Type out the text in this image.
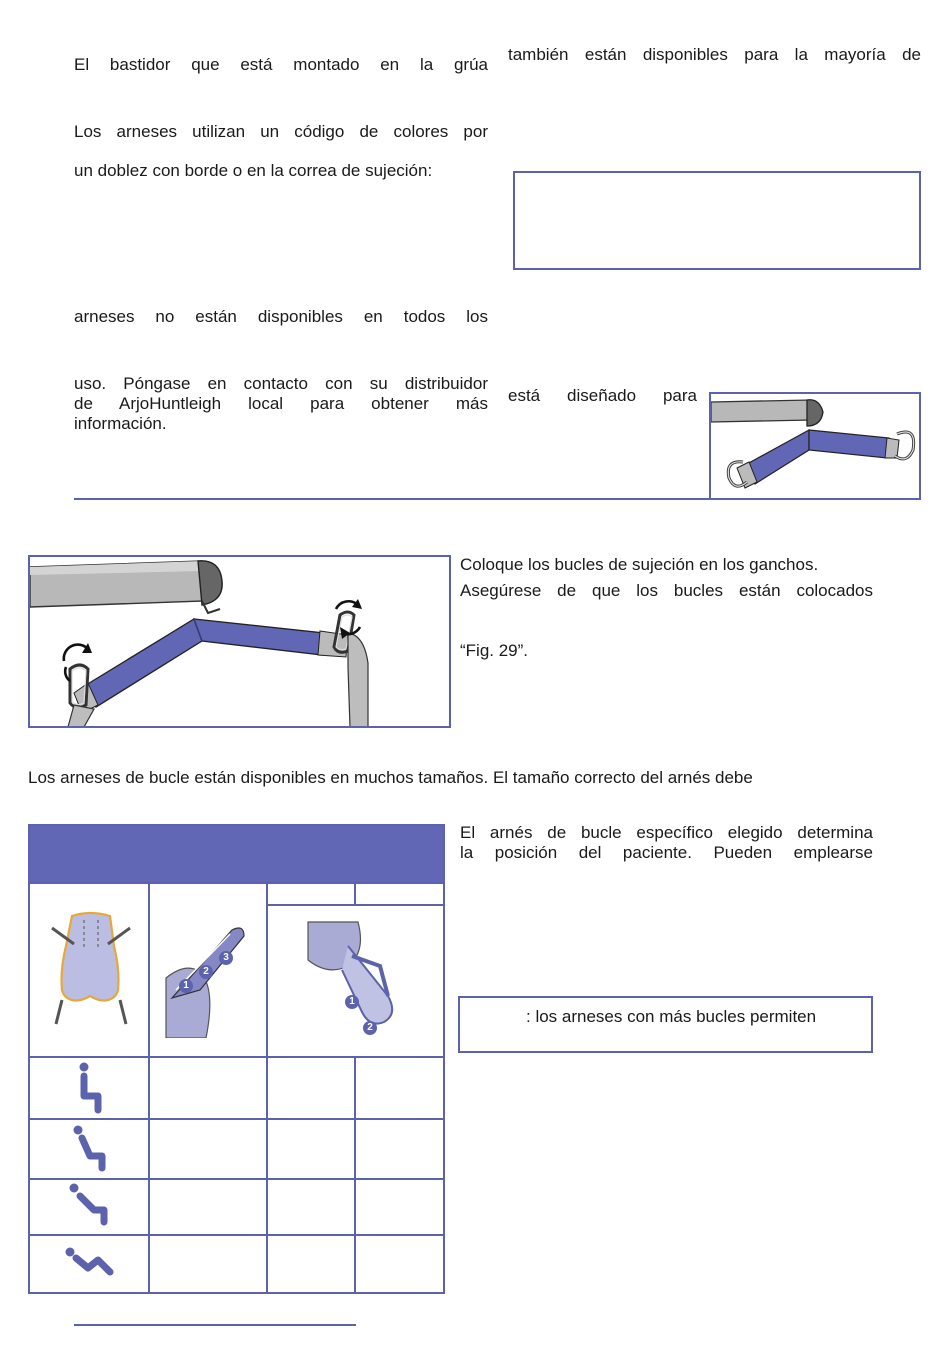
El bastidor que está montado en la grúa
Los arneses utilizan un código de colores por
un doblez con borde o en la correa de sujeción:
arneses no están disponibles en todos los
uso. Póngase en contacto con su distribuidor
de ArjoHuntleigh local para obtener más
información.
también están disponibles para la mayoría de
está diseñado para
Coloque los bucles de sujeción en los ganchos.
Asegúrese de que los bucles están colocados
“Fig. 29”.
Los arneses de bucle están disponibles en muchos tamaños. El tamaño correcto del arnés debe
1
2
3
1
2
El arnés de bucle específico elegido determina
la posición del paciente. Pueden emplearse
: los arneses con más bucles permiten
